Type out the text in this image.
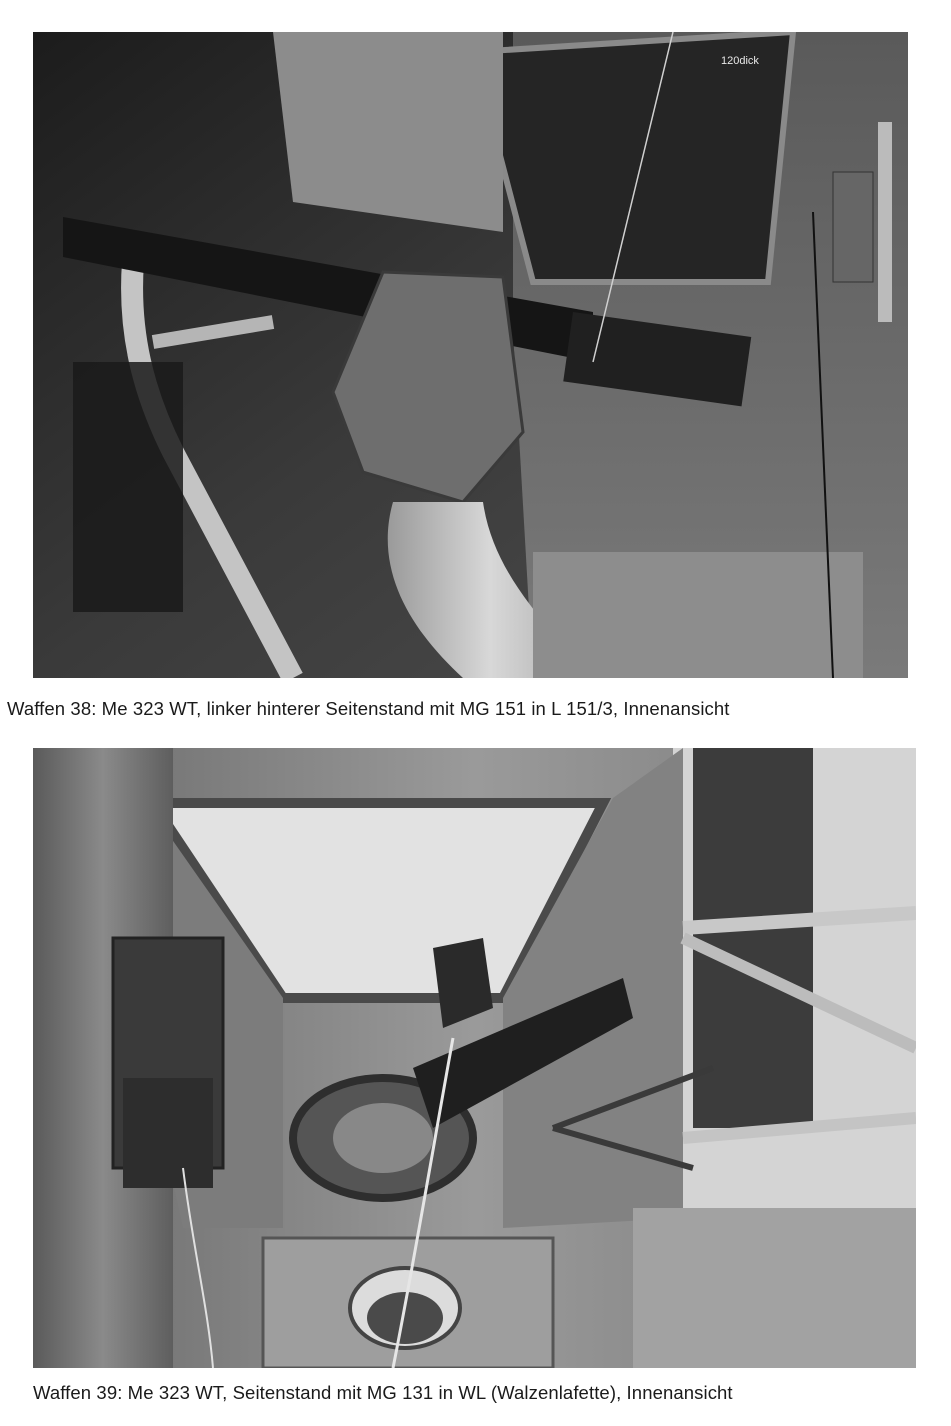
120dick
Waffen 38: Me 323 WT, linker hinterer Seitenstand mit MG 151 in L 151/3, Innenansicht
Waffen 39: Me 323 WT, Seitenstand mit MG 131 in WL (Walzenlafette), Innenansicht
